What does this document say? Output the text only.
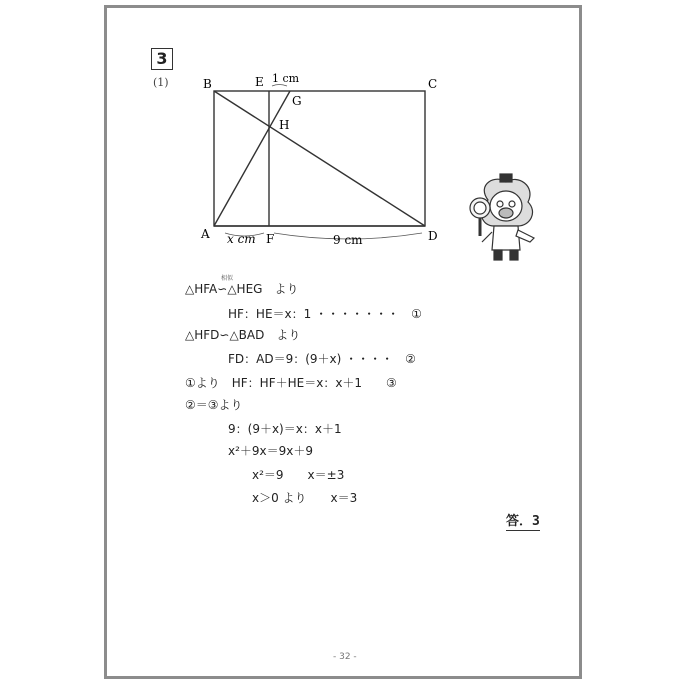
3
(1)	B	E 1 cm
G
H
C
A	D
x cm F	9 cm
△HFA∽△HEG　より
相似
HF：HE＝x：1 ・・・・・・・　①
△HFD∽△BAD　より
FD：AD＝9：(9＋x) ・・・・　②
①より　HF：HF＋HE＝x：x＋1　　③
②＝③より
9：(9＋x)＝x：x＋1
x²＋9x＝9x＋9
x²＝9　　x＝±3
x＞0 より　　x＝3
答．3
- 32 -
